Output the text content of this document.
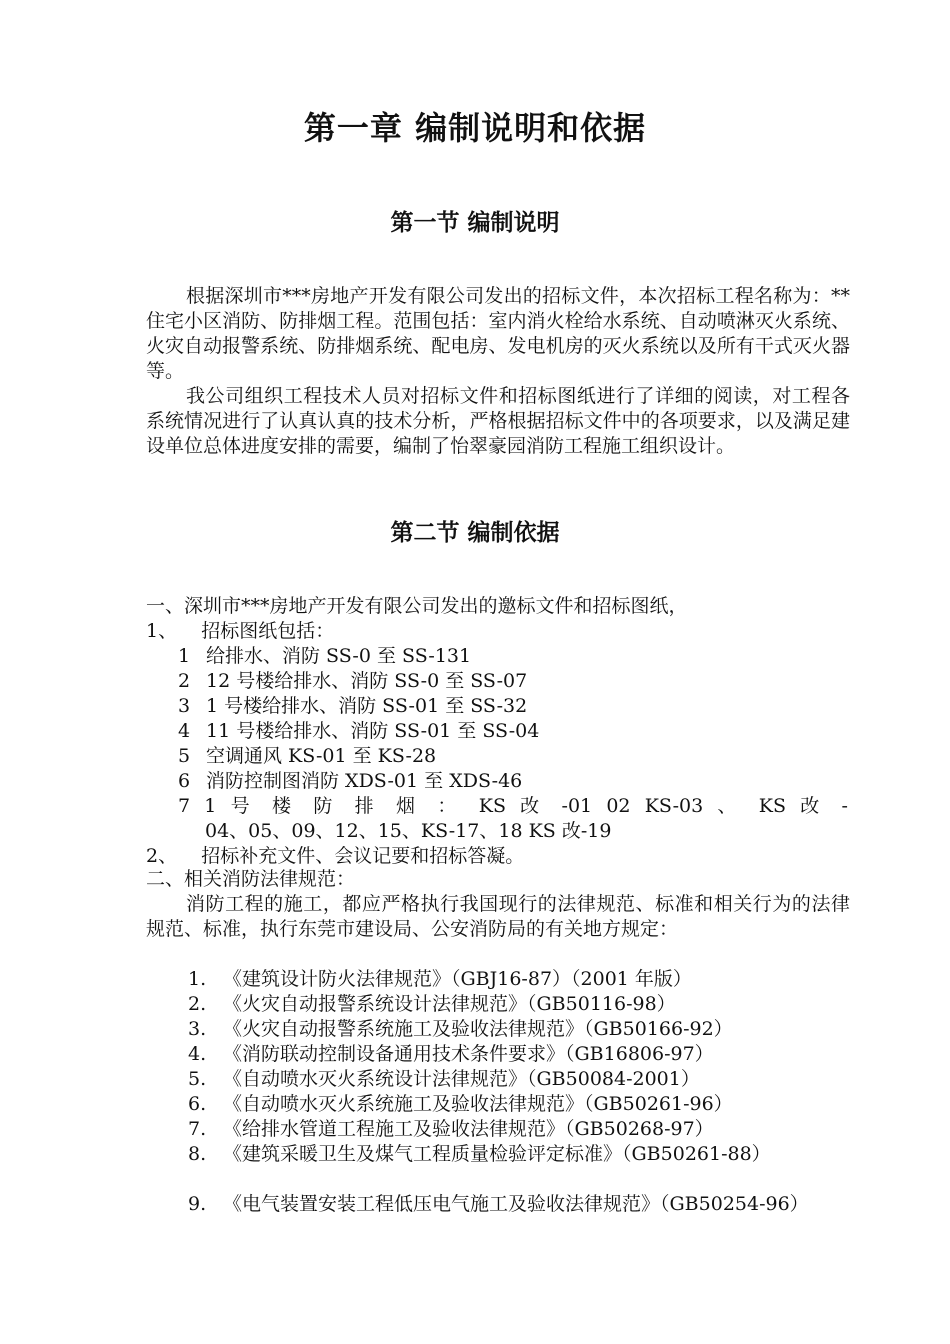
第一章 编制说明和依据
第一节 编制说明

根据深圳市***房地产开发有限公司发出的招标文件，本次招标工程名称为：**住宅小区消防、防排烟工程。范围包括：室内消火栓给水系统、自动喷淋灭火系统、火灾自动报警系统、防排烟系统、配电房、发电机房的灭火系统以及所有干式灭火器等。

我公司组织工程技术人员对招标文件和招标图纸进行了详细的阅读，对工程各系统情况进行了认真认真的技术分析，严格根据招标文件中的各项要求，以及满足建设单位总体进度安排的需要，编制了怡翠豪园消防工程施工组织设计。

第二节 编制依据

一、深圳市***房地产开发有限公司发出的邀标文件和招标图纸，

1、    招标图纸包括：

1 给排水、消防 SS-0 至 SS-131
2 12 号楼给排水、消防 SS-0 至 SS-07
3 1 号楼给排水、消防 SS-01 至 SS-32
4 11 号楼给排水、消防 SS-01 至 SS-04
5 空调通风 KS-01 至 KS-28
6 消防控制图消防 XDS-01 至 XDS-46
7 1 号 楼 防 排 烟 ： KS 改 -01 02 KS-03 、 KS 改 -
04、05、09、12、15、KS-17、18 KS 改-19

2、    招标补充文件、会议记要和招标答凝。

二、相关消防法律规范：

消防工程的施工，都应严格执行我国现行的法律规范、标准和相关行为的法律规范、标准，执行东莞市建设局、公安消防局的有关地方规定：

1. 《建筑设计防火法律规范》（GBJ16-87）（2001 年版）
2. 《火灾自动报警系统设计法律规范》（GB50116-98）
3. 《火灾自动报警系统施工及验收法律规范》（GB50166-92）
4. 《消防联动控制设备通用技术条件要求》（GB16806-97）
5. 《自动喷水灭火系统设计法律规范》（GB50084-2001）
6. 《自动喷水灭火系统施工及验收法律规范》（GB50261-96）
7. 《给排水管道工程施工及验收法律规范》（GB50268-97）
8. 《建筑采暖卫生及煤气工程质量检验评定标准》（GB50261-88）
9. 《电气装置安装工程低压电气施工及验收法律规范》（GB50254-96）
